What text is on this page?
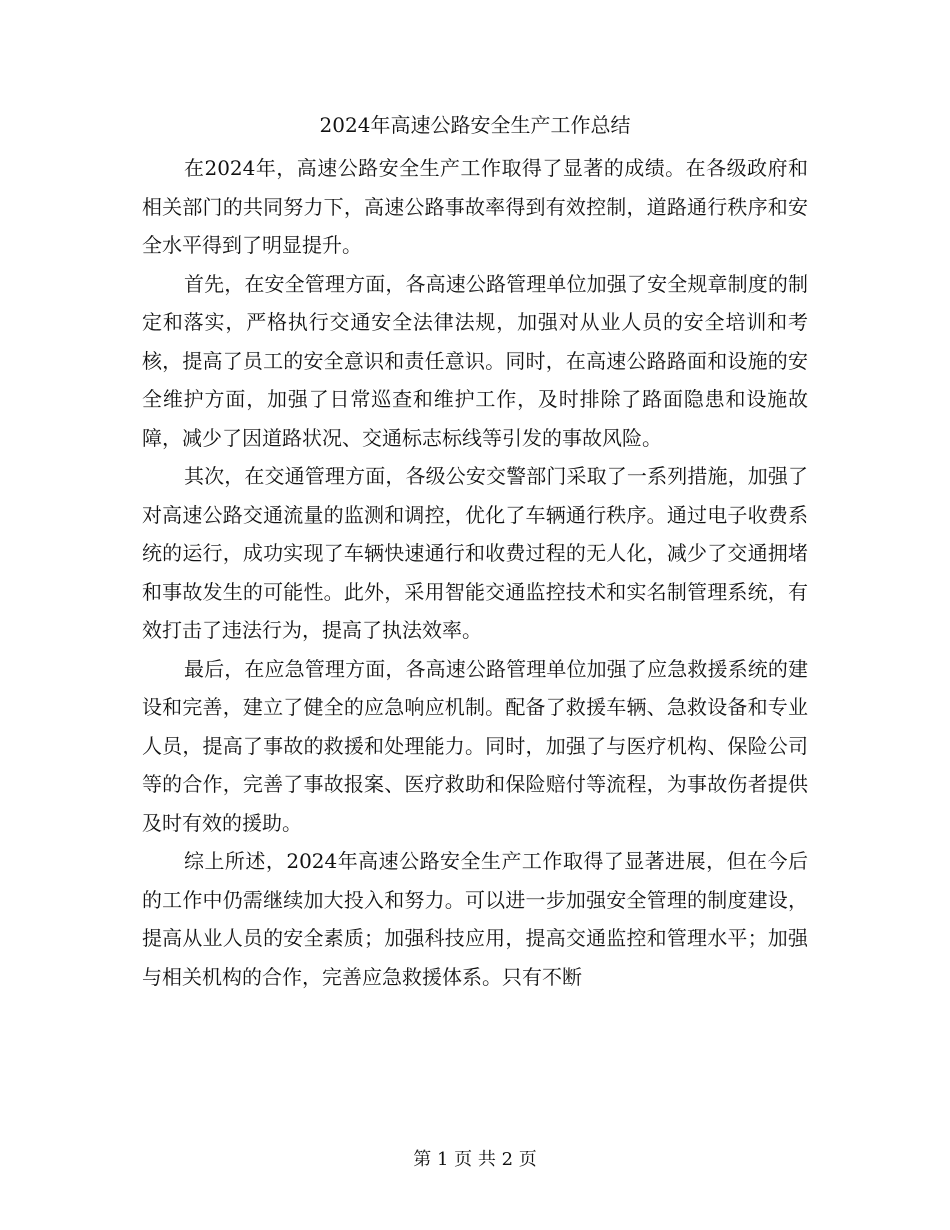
2024年高速公路安全生产工作总结

在2024年，高速公路安全生产工作取得了显著的成绩。在各级政府和相关部门的共同努力下，高速公路事故率得到有效控制，道路通行秩序和安全水平得到了明显提升。

首先，在安全管理方面，各高速公路管理单位加强了安全规章制度的制定和落实，严格执行交通安全法律法规，加强对从业人员的安全培训和考核，提高了员工的安全意识和责任意识。同时，在高速公路路面和设施的安全维护方面，加强了日常巡查和维护工作，及时排除了路面隐患和设施故障，减少了因道路状况、交通标志标线等引发的事故风险。

其次，在交通管理方面，各级公安交警部门采取了一系列措施，加强了对高速公路交通流量的监测和调控，优化了车辆通行秩序。通过电子收费系统的运行，成功实现了车辆快速通行和收费过程的无人化，减少了交通拥堵和事故发生的可能性。此外，采用智能交通监控技术和实名制管理系统，有效打击了违法行为，提高了执法效率。

最后，在应急管理方面，各高速公路管理单位加强了应急救援系统的建设和完善，建立了健全的应急响应机制。配备了救援车辆、急救设备和专业人员，提高了事故的救援和处理能力。同时，加强了与医疗机构、保险公司等的合作，完善了事故报案、医疗救助和保险赔付等流程，为事故伤者提供及时有效的援助。

综上所述，2024年高速公路安全生产工作取得了显著进展，但在今后的工作中仍需继续加大投入和努力。可以进一步加强安全管理的制度建设，提高从业人员的安全素质；加强科技应用，提高交通监控和管理水平；加强与相关机构的合作，完善应急救援体系。只有不断

第 1 页 共 2 页
